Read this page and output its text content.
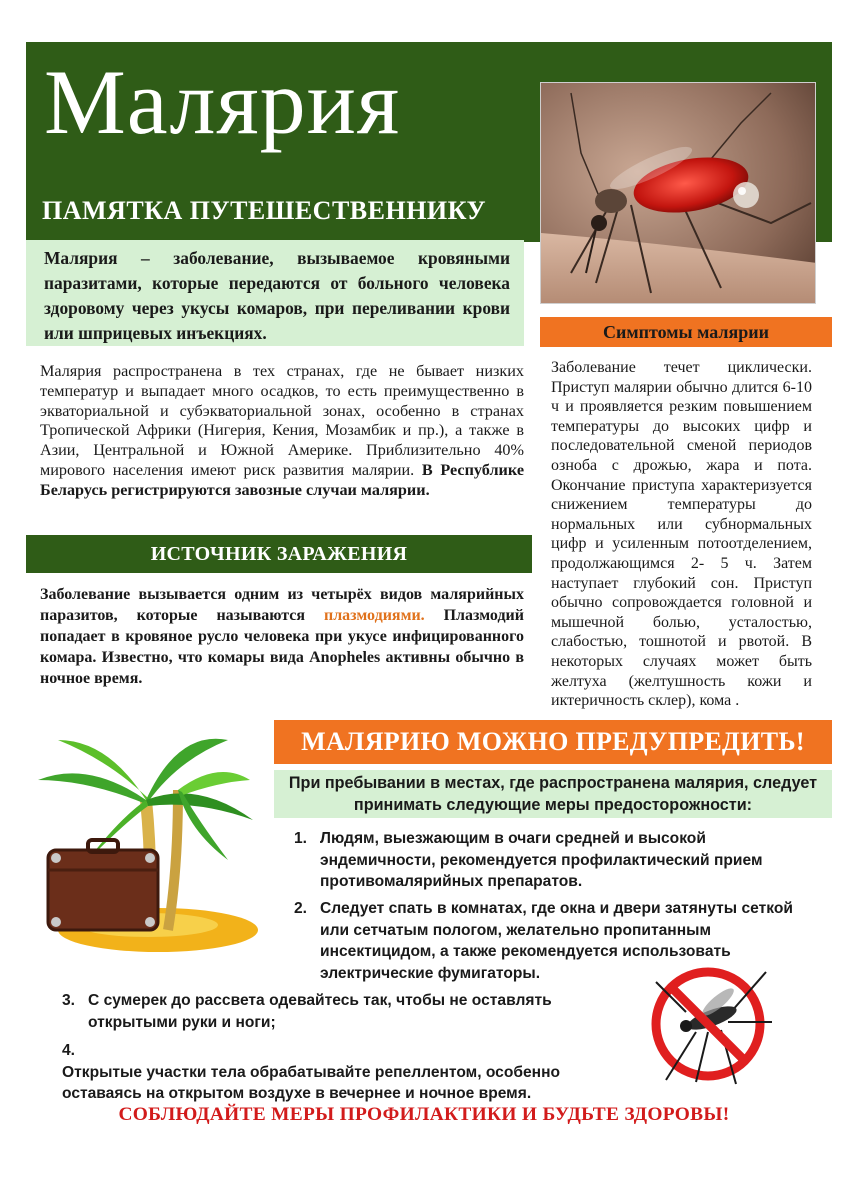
Малярия
ПАМЯТКА ПУТЕШЕСТВЕННИКУ
Малярия – заболевание, вызываемое кровяными паразитами, которые передаются от больного человека здоровому через укусы комаров, при переливании крови или шприцевых инъекциях.	Симптомы малярии
Заболевание течет циклически. Приступ малярии обычно длится 6-10 ч и проявляется резким повышением температуры до высоких цифр и последовательной сменой периодов озноба с дрожью, жара и пота. Окончание приступа характеризуется снижением температуры до нормальных или субнормальных цифр и усиленным потоотделением, продолжающимся 2- 5 ч. Затем наступает глубокий сон. Приступ обычно сопровождается головной и мышечной болью, усталостью, слабостью, тошнотой и рвотой. В некоторых случаях может быть желтуха (желтушность кожи и иктеричность склер), кома .
Малярия распространена в тех странах, где не бывает низких температур и выпадает много осадков, то есть преимущественно в экваториальной и субэкваториальной зонах, особенно в странах Тропической Африки (Нигерия, Кения, Мозамбик и пр.), а также в Азии, Центральной и Южной Америке. Приблизительно 40% мирового населения имеют риск развития малярии. В Республике Беларусь регистрируются завозные случаи малярии.
ИСТОЧНИК ЗАРАЖЕНИЯ
Заболевание вызывается одним из четырёх видов малярийных паразитов, которые называются плазмодиями. Плазмодий попадает в кровяное русло человека при укусе инфицированного комара. Известно, что комары вида Anopheles активны обычно в ночное время.
МАЛЯРИЮ МОЖНО ПРЕДУПРЕДИТЬ!
При пребывании в местах, где распространена малярия, следует принимать следующие меры предосторожности:
1. Людям, выезжающим в очаги средней и высокой эндемичности, рекомендуется профилактический прием противомалярийных препаратов.
2. Следует спать в комнатах, где окна и двери затянуты сеткой или сетчатым пологом, желательно пропитанным инсектицидом, а также рекомендуется использовать электрические фумигаторы.
3. С сумерек до рассвета одевайтесь так, чтобы не оставлять открытыми руки и ноги;
4.Открытые участки тела обрабатывайте репеллентом, особенно оставаясь на открытом воздухе в вечернее и ночное время.
СОБЛЮДАЙТЕ МЕРЫ ПРОФИЛАКТИКИ И БУДЬТЕ ЗДОРОВЫ!
